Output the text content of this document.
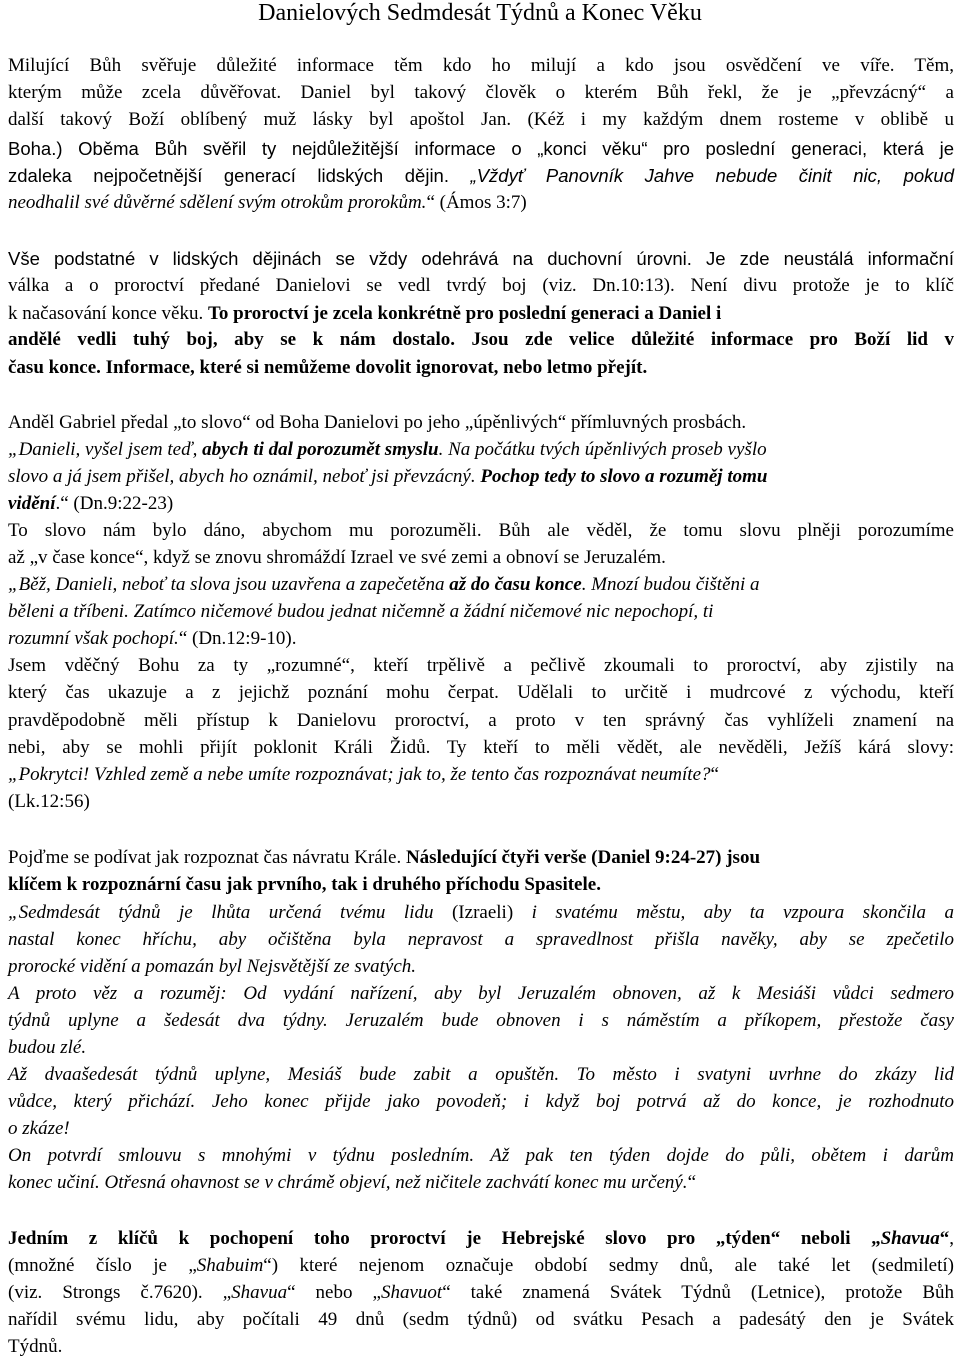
Danielových Sedmdesát Týdnů a Konec Věku
Milující Bůh svěřuje důležité informace těm kdo ho milují a kdo jsou osvědčení ve víře. Těm,
kterým může zcela důvěřovat. Daniel byl takový člověk o kterém Bůh řekl, že je „převzácný“ a
další takový Boží oblíbený muž lásky byl apoštol Jan. (Kéž i my každým dnem rosteme v oblibě u
Boha.) Oběma Bůh svěřil ty nejdůležitější informace o „konci věku“ pro poslední generaci, která je
zdaleka nejpočetnější generací lidských dějin. „Vždyť Panovník Jahve nebude činit nic, pokud
neodhalil své důvěrné sdělení svým otrokům prorokům.“ (Ámos 3:7)
Vše podstatné v lidských dějinách se vždy odehrává na duchovní úrovni. Je zde neustálá informační
válka a o proroctví předané Danielovi se vedl tvrdý boj (viz. Dn.10:13). Není divu protože je to klíč
k načasování konce věku. To proroctví je zcela konkrétně pro poslední generaci a Daniel i
andělé vedli tuhý boj, aby se k nám dostalo. Jsou zde velice důležité informace pro Boží lid v
času konce. Informace, které si nemůžeme dovolit ignorovat, nebo letmo přejít.
Anděl Gabriel předal „to slovo“ od Boha Danielovi po jeho „úpěnlivých“ přímluvných prosbách.
„Danieli, vyšel jsem teď, abych ti dal porozumět smyslu. Na počátku tvých úpěnlivých proseb vyšlo
slovo a já jsem přišel, abych ho oznámil, neboť jsi převzácný. Pochop tedy to slovo a rozuměj tomu
vidění.“ (Dn.9:22-23)
To slovo nám bylo dáno, abychom mu porozuměli. Bůh ale věděl, že tomu slovu plněji porozumíme
až „v čase konce“, když se znovu shromáždí Izrael ve své zemi a obnoví se Jeruzalém.
„Běž, Danieli, neboť ta slova jsou uzavřena a zapečetěna až do času konce. Mnozí budou čištěni a
běleni a tříbeni. Zatímco ničemové budou jednat ničemně a žádní ničemové nic nepochopí, ti
rozumní však pochopí.“ (Dn.12:9-10).
Jsem vděčný Bohu za ty „rozumné“, kteří trpělivě a pečlivě zkoumali to proroctví, aby zjistily na
který čas ukazuje a z jejichž poznání mohu čerpat. Udělali to určitě i mudrcové z východu, kteří
pravděpodobně měli přístup k Danielovu proroctví, a proto v ten správný čas vyhlíželi znamení na
nebi, aby se mohli přijít poklonit Králi Židů. Ty kteří to měli vědět, ale nevěděli, Ježíš kárá slovy:
„Pokrytci! Vzhled země a nebe umíte rozpoznávat; jak to, že tento čas rozpoznávat neumíte?“
(Lk.12:56)
Pojďme se podívat jak rozpoznat čas návratu Krále. Následující čtyři verše (Daniel 9:24-27) jsou
klíčem k rozpoznární času jak prvního, tak i druhého příchodu Spasitele.
„Sedmdesát týdnů je lhůta určená tvému lidu (Izraeli) i svatému městu, aby ta vzpoura skončila a
nastal konec hříchu, aby očištěna byla nepravost a spravedlnost přišla navěky, aby se zpečetilo
prorocké vidění a pomazán byl Nejsvětější ze svatých.
A proto věz a rozuměj: Od vydání nařízení, aby byl Jeruzalém obnoven, až k Mesiáši vůdci sedmero
týdnů uplyne a šedesát dva týdny. Jeruzalém bude obnoven i s náměstím a příkopem, přestože časy
budou zlé.
Až dvaašedesát týdnů uplyne, Mesiáš bude zabit a opuštěn. To město i svatyni uvrhne do zkázy lid
vůdce, který přichází. Jeho konec přijde jako povodeň; i když boj potrvá až do konce, je rozhodnuto
o zkáze!
On potvrdí smlouvu s mnohými v týdnu posledním. Až pak ten týden dojde do půli, obětem i darům
konec učiní. Otřesná ohavnost se v chrámě objeví, než ničitele zachvátí konec mu určený.“
Jedním z klíčů k pochopení toho proroctví je Hebrejské slovo pro „týden“ neboli „Shavua“,
(množné číslo je „Shabuim“) které nejenom označuje období sedmy dnů, ale také let (sedmiletí)
(viz. Strongs č.7620). „Shavua“ nebo „Shavuot“ také znamená Svátek Týdnů (Letnice), protože Bůh
nařídil svému lidu, aby počítali 49 dnů (sedm týdnů) od svátku Pesach a padesátý den je Svátek
Týdnů.
